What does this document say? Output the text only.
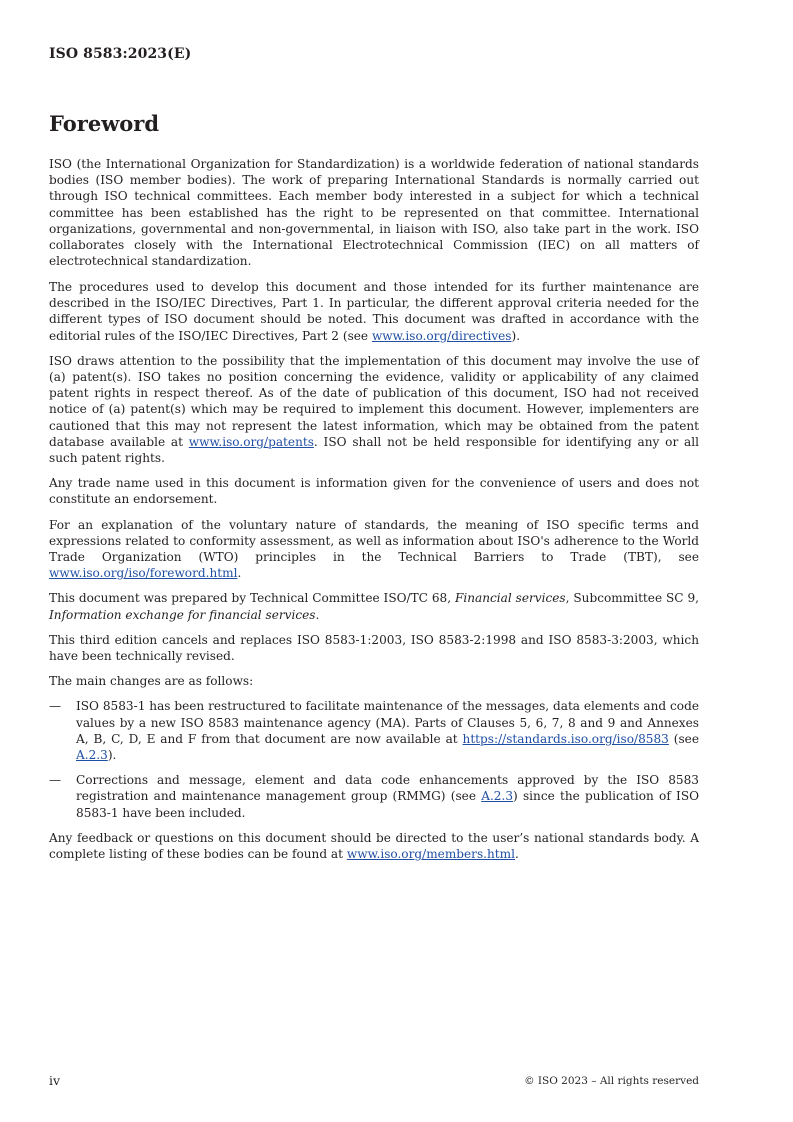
ISO 8583:2023(E)
Foreword

ISO (the International Organization for Standardization) is a worldwide federation of national standards bodies (ISO member bodies). The work of preparing International Standards is normally carried out through ISO technical committees. Each member body interested in a subject for which a technical committee has been established has the right to be represented on that committee. International organizations, governmental and non-governmental, in liaison with ISO, also take part in the work. ISO collaborates closely with the International Electrotechnical Commission (IEC) on all matters of electrotechnical standardization.

The procedures used to develop this document and those intended for its further maintenance are described in the ISO/IEC Directives, Part 1. In particular, the different approval criteria needed for the different types of ISO document should be noted. This document was drafted in accordance with the editorial rules of the ISO/IEC Directives, Part 2 (see www.iso.org/directives).

ISO draws attention to the possibility that the implementation of this document may involve the use of (a) patent(s). ISO takes no position concerning the evidence, validity or applicability of any claimed patent rights in respect thereof. As of the date of publication of this document, ISO had not received notice of (a) patent(s) which may be required to implement this document. However, implementers are cautioned that this may not represent the latest information, which may be obtained from the patent database available at www.iso.org/patents. ISO shall not be held responsible for identifying any or all such patent rights.

Any trade name used in this document is information given for the convenience of users and does not constitute an endorsement.

For an explanation of the voluntary nature of standards, the meaning of ISO specific terms and expressions related to conformity assessment, as well as information about ISO's adherence to the World Trade Organization (WTO) principles in the Technical Barriers to Trade (TBT), see www.iso.org/iso/foreword.html.

This document was prepared by Technical Committee ISO/TC 68, Financial services, Subcommittee SC 9, Information exchange for financial services.

This third edition cancels and replaces ISO 8583-1:2003, ISO 8583-2:1998 and ISO 8583-3:2003, which have been technically revised.

The main changes are as follows:

— ISO 8583-1 has been restructured to facilitate maintenance of the messages, data elements and code values by a new ISO 8583 maintenance agency (MA). Parts of Clauses 5, 6, 7, 8 and 9 and Annexes A, B, C, D, E and F from that document are now available at https://standards.iso.org/iso/8583 (see A.2.3).
— Corrections and message, element and data code enhancements approved by the ISO 8583 registration and maintenance management group (RMMG) (see A.2.3) since the publication of ISO 8583-1 have been included.

Any feedback or questions on this document should be directed to the user’s national standards body. A complete listing of these bodies can be found at www.iso.org/members.html.

iv	© ISO 2023 – All rights reserved
